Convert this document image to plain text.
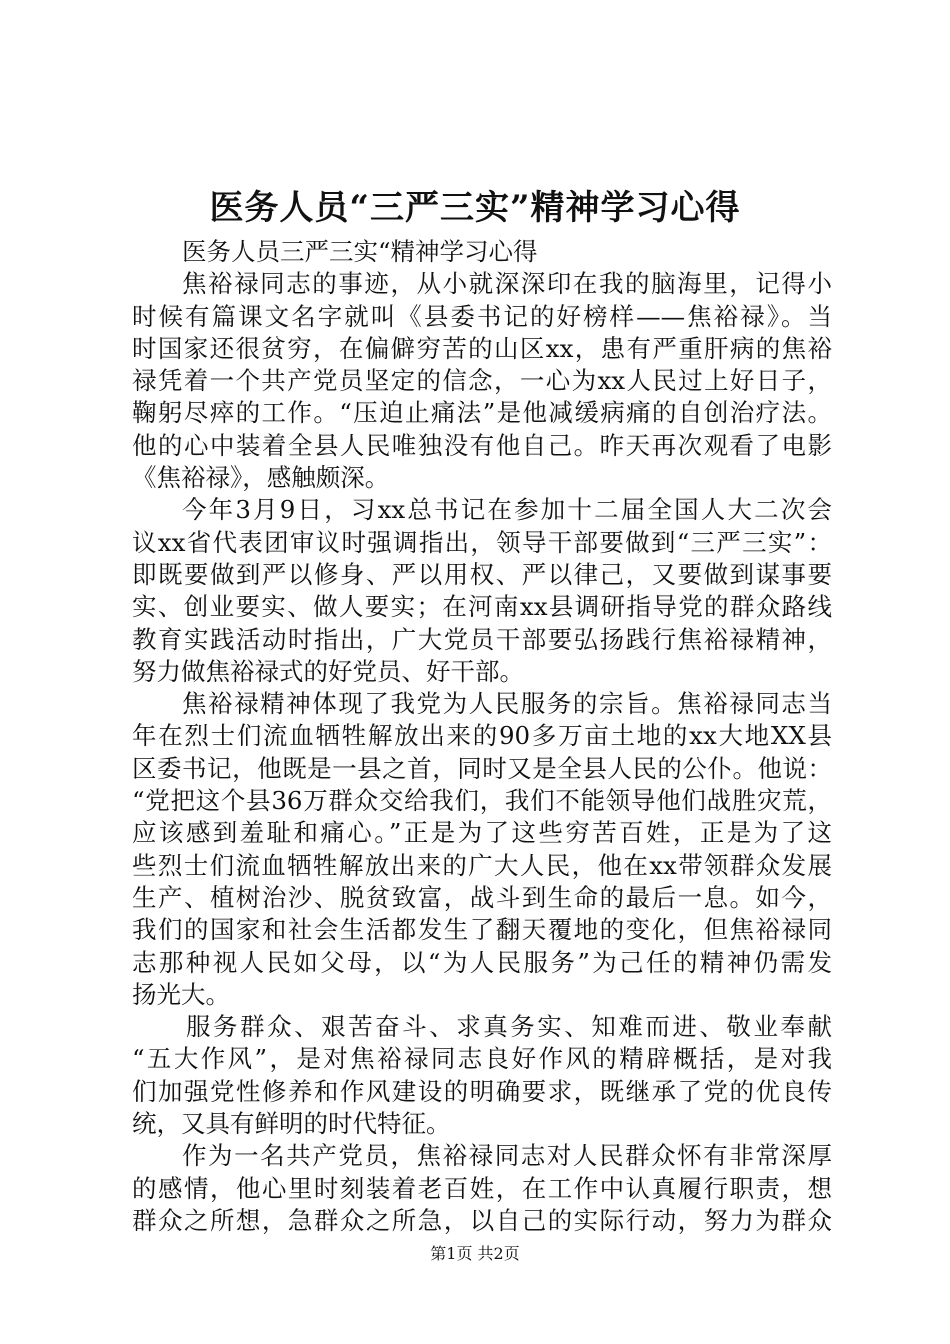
医务人员“三严三实”精神学习心得
医务人员三严三实“精神学习心得
焦裕禄同志的事迹，从小就深深印在我的脑海里，记得小
时候有篇课文名字就叫《县委书记的好榜样——焦裕禄》。当
时国家还很贫穷，在偏僻穷苦的山区xx，患有严重肝病的焦裕
禄凭着一个共产党员坚定的信念，一心为xx人民过上好日子，
鞠躬尽瘁的工作。“压迫止痛法”是他减缓病痛的自创治疗法。
他的心中装着全县人民唯独没有他自己。昨天再次观看了电影
《焦裕禄》，感触颇深。
今年3月9日，习xx总书记在参加十二届全国人大二次会
议xx省代表团审议时强调指出，领导干部要做到“三严三实”：
即既要做到严以修身、严以用权、严以律己，又要做到谋事要
实、创业要实、做人要实；在河南xx县调研指导党的群众路线
教育实践活动时指出，广大党员干部要弘扬践行焦裕禄精神，
努力做焦裕禄式的好党员、好干部。
焦裕禄精神体现了我党为人民服务的宗旨。焦裕禄同志当
年在烈士们流血牺牲解放出来的90多万亩土地的xx大地XX县
区委书记，他既是一县之首，同时又是全县人民的公仆。他说：
“党把这个县36万群众交给我们，我们不能领导他们战胜灾荒，
应该感到羞耻和痛心。”正是为了这些穷苦百姓，正是为了这
些烈士们流血牺牲解放出来的广大人民，他在xx带领群众发展
生产、植树治沙、脱贫致富，战斗到生命的最后一息。如今，
我们的国家和社会生活都发生了翻天覆地的变化，但焦裕禄同
志那种视人民如父母，以“为人民服务”为己任的精神仍需发
扬光大。
服务群众、艰苦奋斗、求真务实、知难而进、敬业奉献
“五大作风”，是对焦裕禄同志良好作风的精辟概括，是对我
们加强党性修养和作风建设的明确要求，既继承了党的优良传
统，又具有鲜明的时代特征。
作为一名共产党员，焦裕禄同志对人民群众怀有非常深厚
的感情，他心里时刻装着老百姓，在工作中认真履行职责，想
群众之所想，急群众之所急，以自己的实际行动，努力为群众
第1页 共2页
